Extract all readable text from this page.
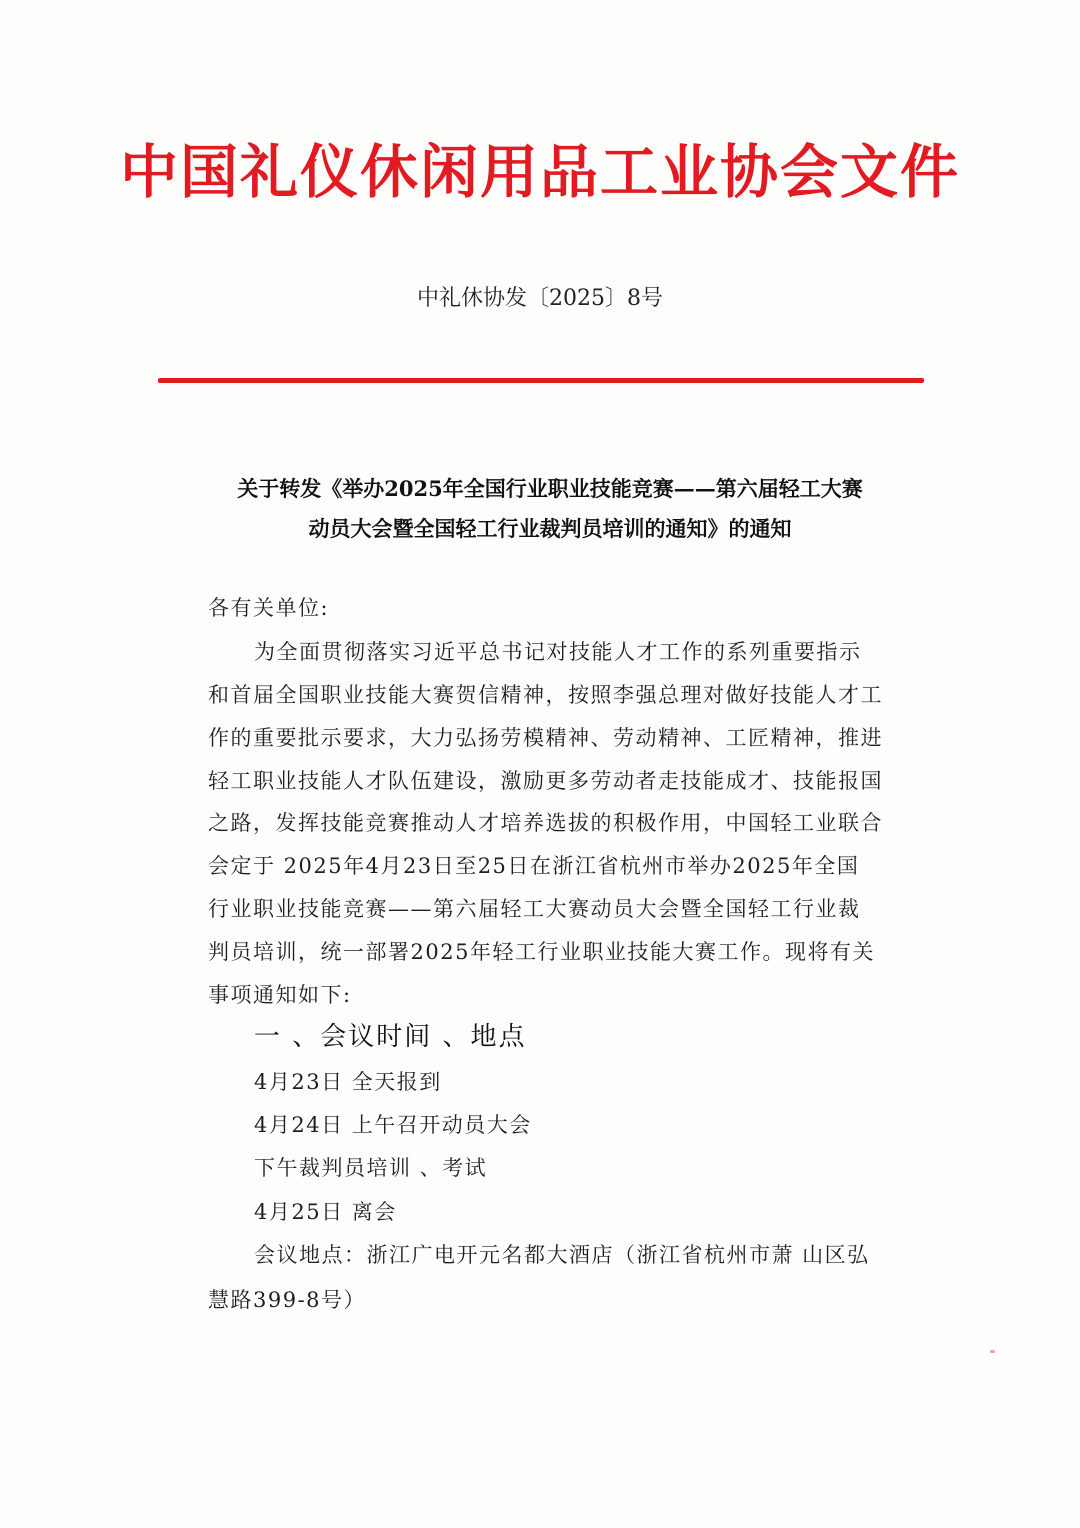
中国礼仪休闲用品工业协会文件
中礼休协发〔2025〕8号
关于转发《举办2025年全国行业职业技能竞赛——第六届轻工大赛
动员大会暨全国轻工行业裁判员培训的通知》的通知
各有关单位:
为全面贯彻落实习近平总书记对技能人才工作的系列重要指示
和首届全国职业技能大赛贺信精神，按照李强总理对做好技能人才工
作的重要批示要求，大力弘扬劳模精神、劳动精神、工匠精神，推进
轻工职业技能人才队伍建设，激励更多劳动者走技能成才、技能报国
之路，发挥技能竞赛推动人才培养选拔的积极作用，中国轻工业联合
会定于 2025年4月23日至25日在浙江省杭州市举办2025年全国
行业职业技能竞赛——第六届轻工大赛动员大会暨全国轻工行业裁
判员培训，统一部署2025年轻工行业职业技能大赛工作。现将有关
事项通知如下:
一 、会议时间 、地点
4月23日 全天报到
4月24日 上午召开动员大会
下午裁判员培训 、考试
4月25日 离会
会议地点：浙江广电开元名都大酒店（浙江省杭州市萧 山区弘
慧路399-8号）
